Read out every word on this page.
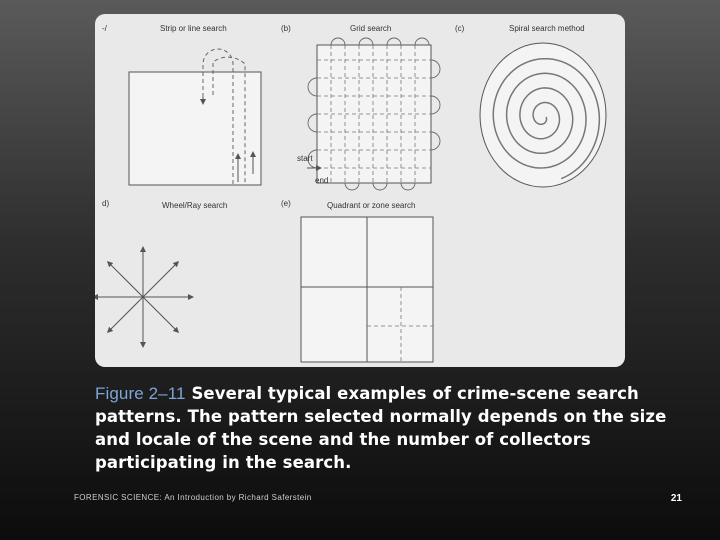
-/	Strip or line search	(b)	Grid search
start
end
(c)	Spiral search method
d)	Wheel/Ray search	(e)	Quadrant or zone search
Figure 2–11 Several typical examples of crime-scene search patterns. The pattern selected normally depends on the size and locale of the scene and the number of collectors participating in the search.
FORENSIC SCIENCE: An Introduction by Richard Saferstein	21
